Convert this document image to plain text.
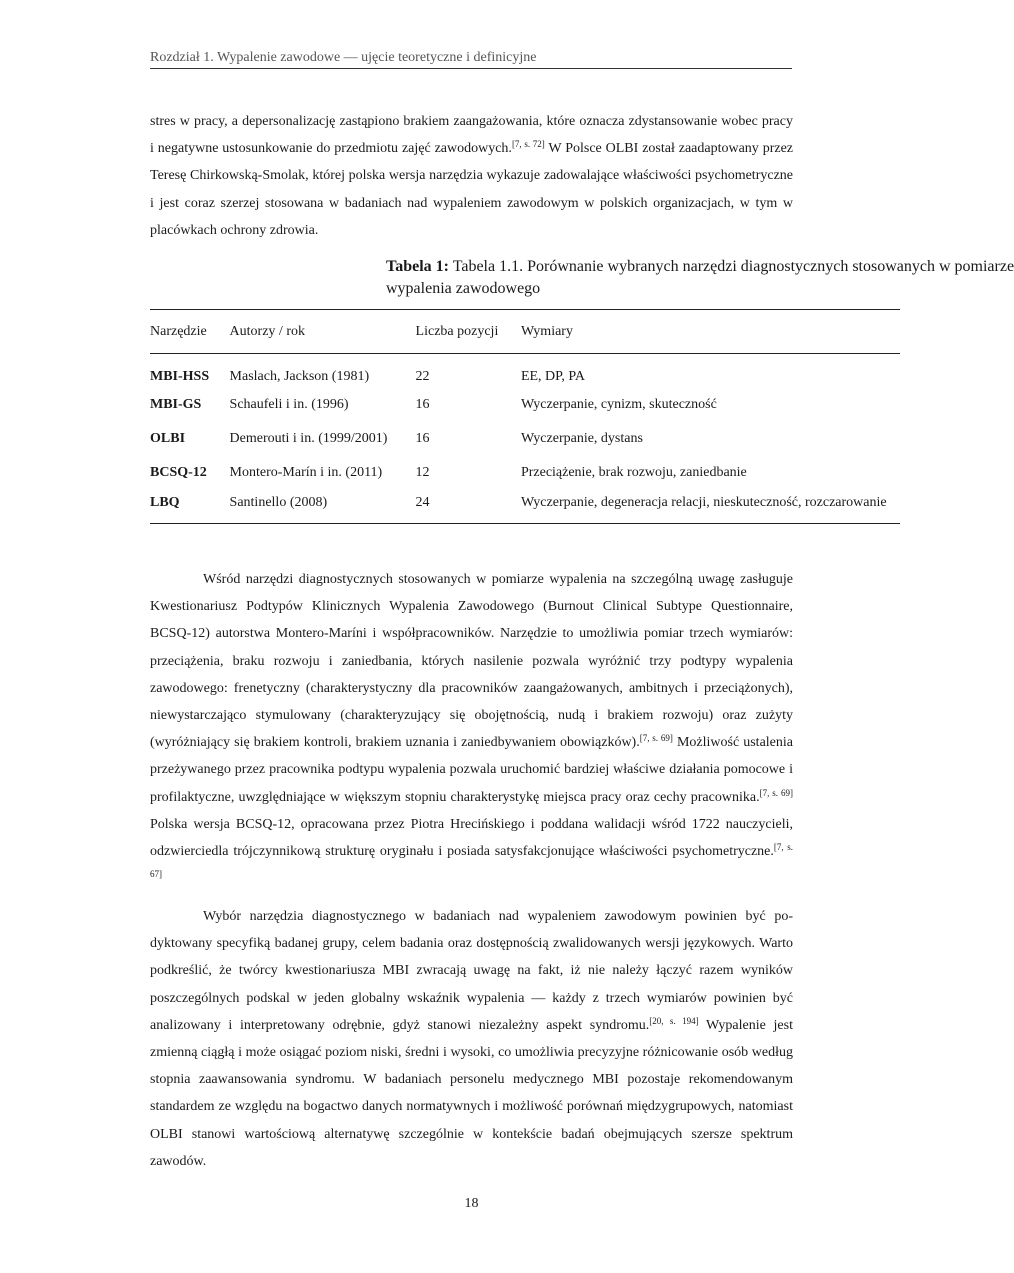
Rozdział 1. Wypalenie zawodowe — ujęcie teoretyczne i definicyjne

stres w pracy, a depersonalizację zastąpiono brakiem zaangażowania, które oznacza zdystansowanie wobec pracy i negatywne ustosunkowanie do przedmiotu zajęć zawodowych.[7, s. 72] W Polsce OLBI został zaadaptowany przez Teresę Chirkowską-Smolak, której polska wersja narzędzia wykazuje zadowalające właściwości psychometryczne i jest coraz szerzej stosowana w badaniach nad wypaleniem zawodowym w polskich organizacjach, w tym w placówkach ochrony zdrowia.

Tabela 1: Tabela 1.1. Porównanie wybranych narzędzi diagnostycznych stosowanych w pomiarze
wypalenia zawodowego
Narzędzie	Autorzy / rok	Liczba pozycji	Wymiary
MBI-HSS	Maslach, Jackson (1981)	22	EE, DP, PA
MBI-GS	Schaufeli i in. (1996)	16	Wyczerpanie, cynizm, skuteczność
OLBI	Demerouti i in. (1999/2001)	16	Wyczerpanie, dystans
BCSQ-12	Montero-Marín i in. (2011)	12	Przeciążenie, brak rozwoju, zaniedbanie
LBQ	Santinello (2008)	24	Wyczerpanie, degeneracja relacji, nieskuteczność, rozczarowanie

Wśród narzędzi diagnostycznych stosowanych w pomiarze wypalenia na szczególną uwagę zasługuje Kwestionariusz Podtypów Klinicznych Wypalenia Zawodowego (Burnout Clinical Subtype Questionnaire, BCSQ-12) autorstwa Montero-Maríni i współpracowników. Narzędzie to umożliwia pomiar trzech wymiarów: przeciążenia, braku rozwoju i zaniedbania, których nasilenie pozwala wyróżnić trzy podtypy wypalenia zawodowego: frenetyczny (charakterystyczny dla pracowników zaangażowanych, ambitnych i przeciążonych), niewystarczająco stymulowany (charakteryzujący się obojętnością, nudą i brakiem rozwoju) oraz zużyty (wyróżniający się brakiem kontroli, brakiem uznania i zaniedbywaniem obowiązków).[7, s. 69] Możliwość ustalenia przeżywanego przez pracownika podtypu wypalenia pozwala uruchomić bardziej właściwe działania pomocowe i profilaktyczne, uwzględniające w większym stopniu charakterystykę miejsca pracy oraz cechy pracownika.[7, s. 69] Polska wersja BCSQ-12, opracowana przez Piotra Hrecińskiego i poddana walidacji wśród 1722 nauczycieli, odzwierciedla trójczynnikową strukturę oryginału i posiada satysfakcjonujące właściwości psychometryczne.[7, s. 67]

Wybór narzędzia diagnostycznego w badaniach nad wypaleniem zawodowym powinien być podyktowany specyfiką badanej grupy, celem badania oraz dostępnością zwalidowanych wersji językowych. Warto podkreślić, że twórcy kwestionariusza MBI zwracają uwagę na fakt, iż nie należy łączyć razem wyników poszczególnych podskal w jeden globalny wskaźnik wypalenia — każdy z trzech wymiarów powinien być analizowany i interpretowany odrębnie, gdyż stanowi niezależny aspekt syndromu.[20, s. 194] Wypalenie jest zmienną ciągłą i może osiągać poziom niski, średni i wysoki, co umożliwia precyzyjne różnicowanie osób według stopnia zaawansowania syndromu. W badaniach personelu medycznego MBI pozostaje rekomendowanym standardem ze względu na bogactwo danych normatywnych i możliwość porównań międzygrupowych, natomiast OLBI stanowi wartościową alternatywę szczególnie w kontekście badań obejmujących szersze spektrum zawodów.

18
